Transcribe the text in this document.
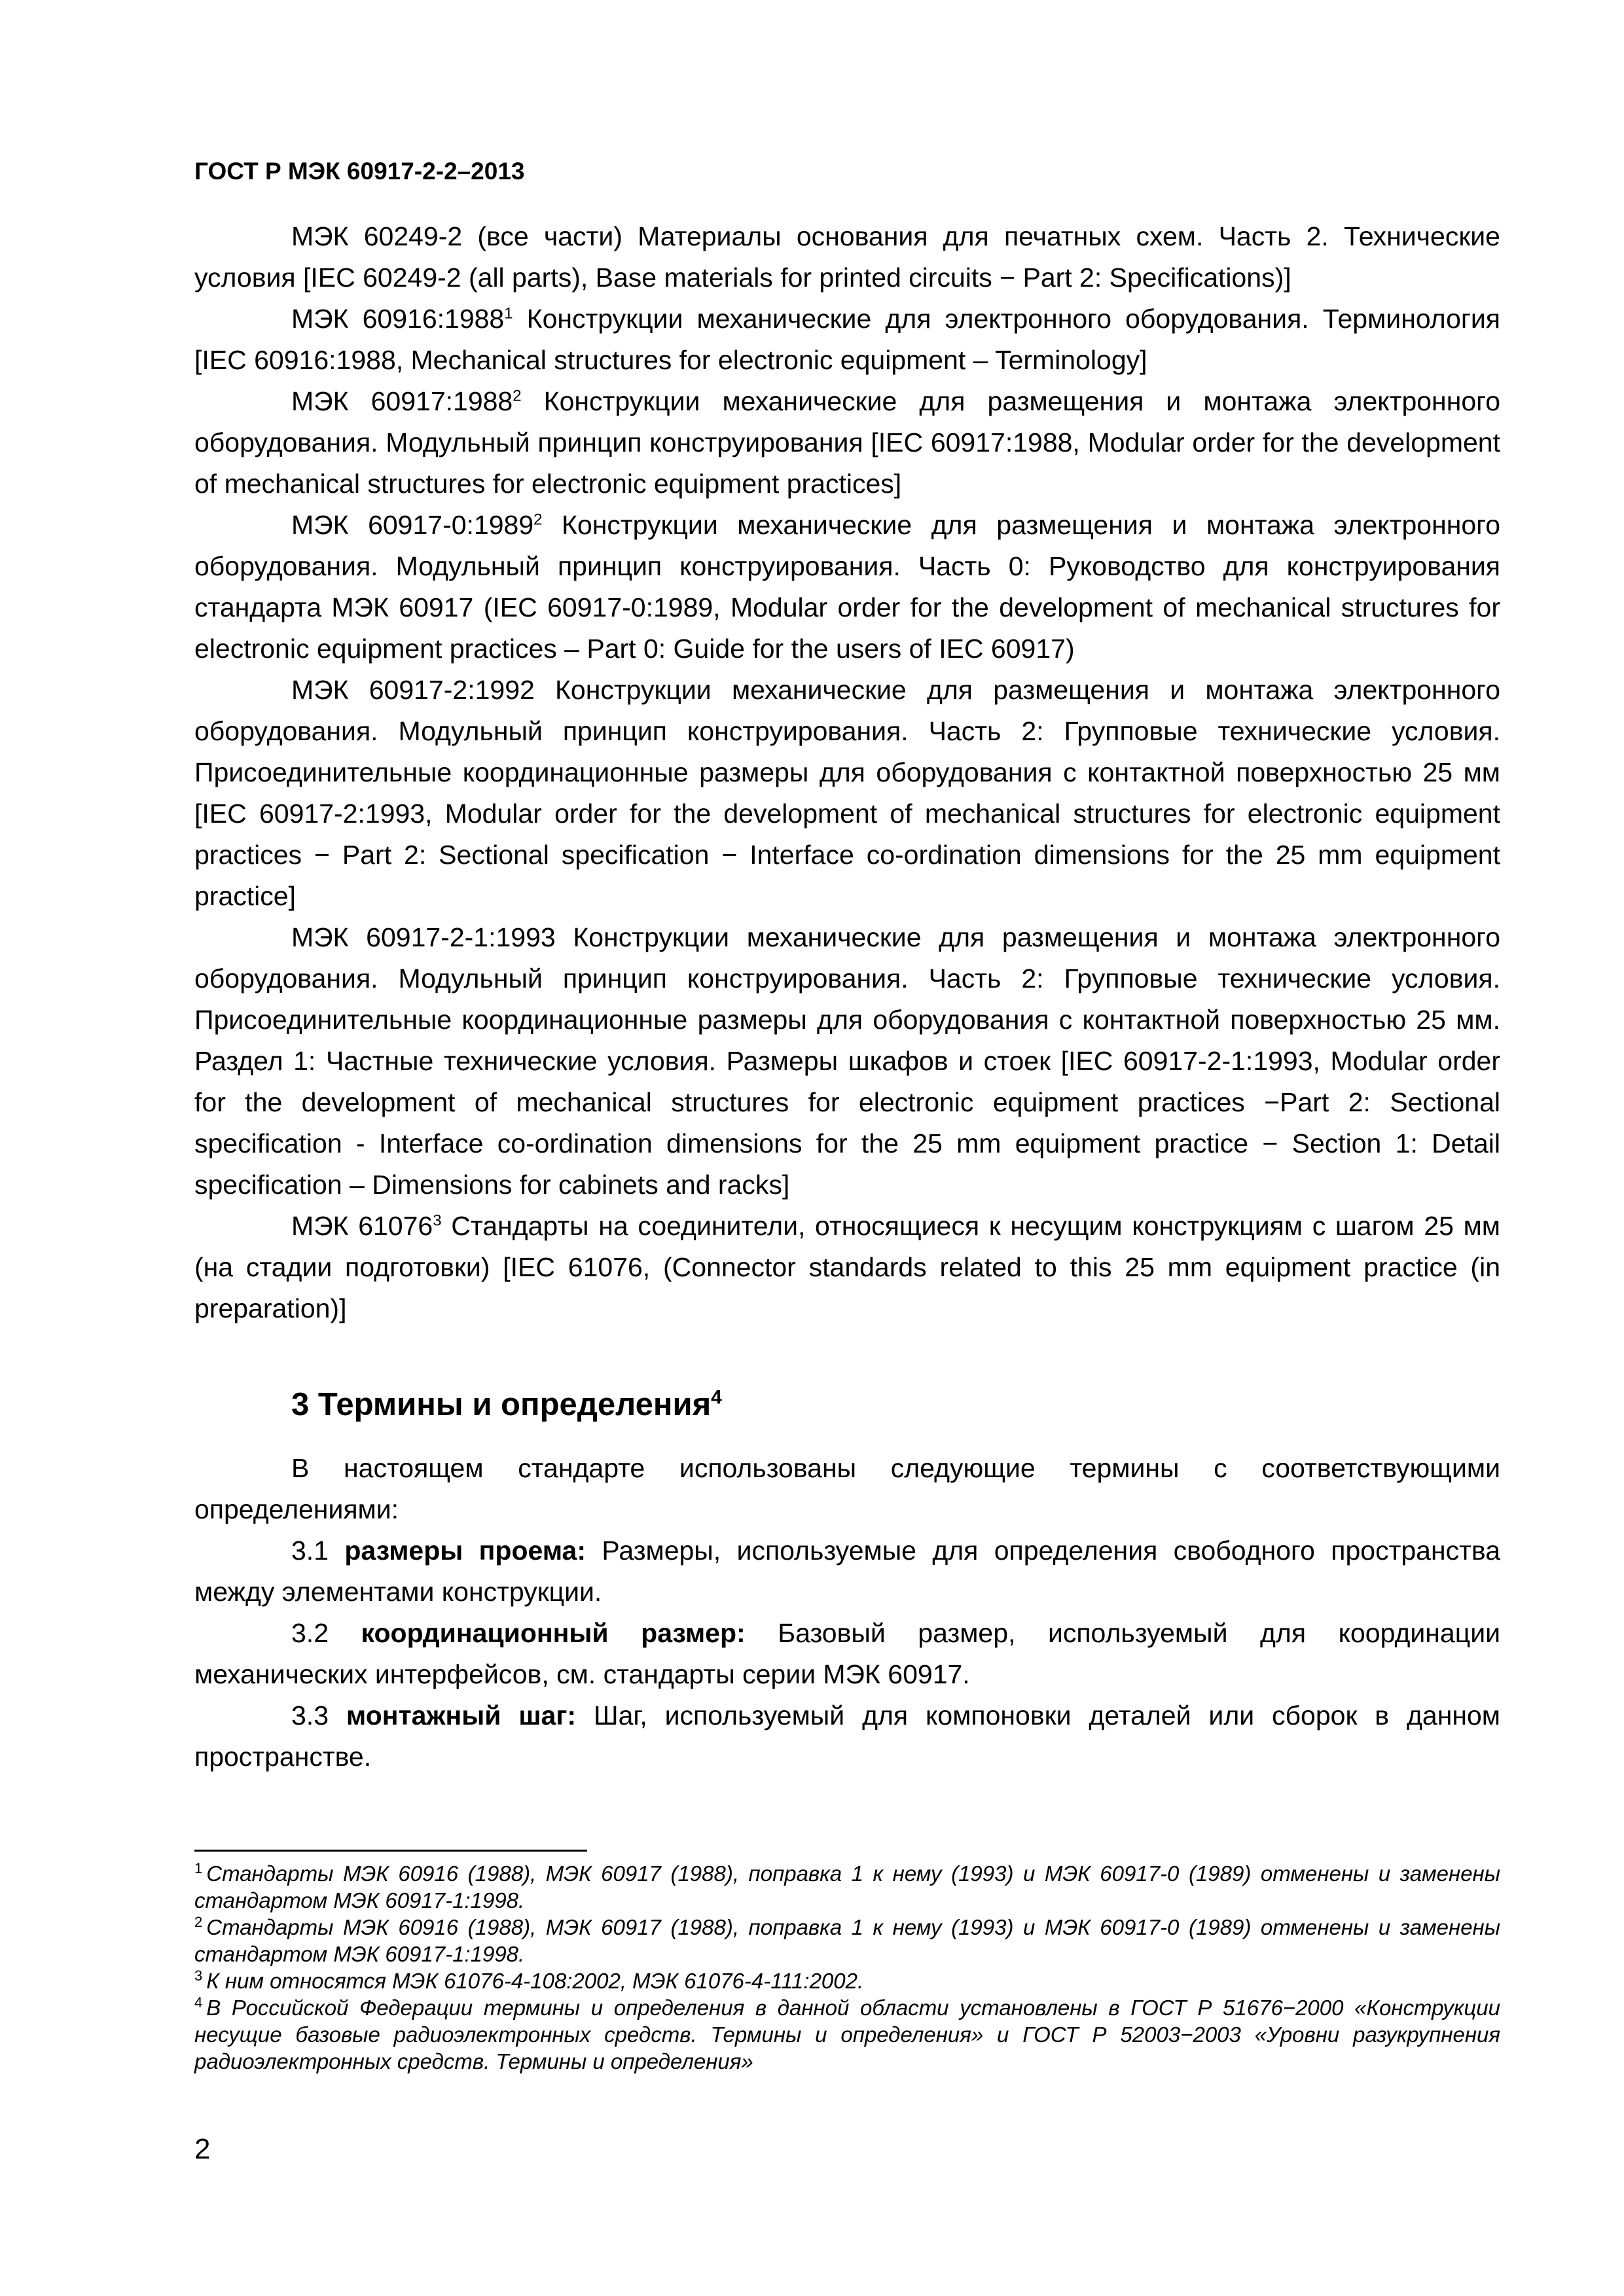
ГОСТ Р МЭК 60917-2-2–2013

МЭК 60249-2 (все части) Материалы основания для печатных схем. Часть 2. Технические условия [IEC 60249-2 (all parts), Base materials for printed circuits − Part 2: Specifications)]

МЭК 60916:1988$^1$ Конструкции механические для электронного оборудования. Терминология [IEC 60916:1988, Mechanical structures for electronic equipment – Terminology]

МЭК 60917:1988$^2$ Конструкции механические для размещения и монтажа электронного оборудования. Модульный принцип конструирования [IEC 60917:1988, Modular order for the development of mechanical structures for electronic equipment practices]

МЭК 60917-0:1989$^2$ Конструкции механические для размещения и монтажа электронного оборудования. Модульный принцип конструирования. Часть 0: Руководство для конструирования стандарта МЭК 60917 (IEC 60917-0:1989, Modular order for the development of mechanical structures for electronic equipment practices – Part 0: Guide for the users of IEC 60917)

МЭК 60917-2:1992 Конструкции механические для размещения и монтажа электронного оборудования. Модульный принцип конструирования. Часть 2: Групповые технические условия. Присоединительные координационные размеры для оборудования с контактной поверхностью 25 мм [IEC 60917-2:1993, Modular order for the development of mechanical structures for electronic equipment practices − Part 2: Sectional specification − Interface co-ordination dimensions for the 25 mm equipment practice]

МЭК 60917-2-1:1993 Конструкции механические для размещения и монтажа электронного оборудования. Модульный принцип конструирования. Часть 2: Групповые технические условия. Присоединительные координационные размеры для оборудования с контактной поверхностью 25 мм. Раздел 1: Частные технические условия. Размеры шкафов и стоек [IEC 60917-2-1:1993, Modular order for the development of mechanical structures for electronic equipment practices −Part 2: Sectional specification - Interface co-ordination dimensions for the 25 mm equipment practice − Section 1: Detail specification – Dimensions for cabinets and racks]

МЭК 61076$^3$ Стандарты на соединители, относящиеся к несущим конструкциям с шагом 25 мм (на стадии подготовки) [IEC 61076, (Connector standards related to this 25 mm equipment practice (in preparation)]

3 Термины и определения$^4$

В настоящем стандарте использованы следующие термины с соответствующими определениями:

3.1 размеры проема: Размеры, используемые для определения свободного пространства между элементами конструкции.

3.2 координационный размер: Базовый размер, используемый для координации механических интерфейсов, см. стандарты серии МЭК 60917.

3.3 монтажный шаг: Шаг, используемый для компоновки деталей или сборок в данном пространстве.

$^1$ Стандарты МЭК 60916 (1988), МЭК 60917 (1988), поправка 1 к нему (1993) и МЭК 60917-0 (1989) отменены и заменены стандартом МЭК 60917-1:1998.

$^2$ Стандарты МЭК 60916 (1988), МЭК 60917 (1988), поправка 1 к нему (1993) и МЭК 60917-0 (1989) отменены и заменены стандартом МЭК 60917-1:1998.

$^3$ К ним относятся МЭК 61076-4-108:2002, МЭК 61076-4-111:2002.

$^4$ В Российской Федерации термины и определения в данной области установлены в ГОСТ Р 51676−2000 «Конструкции несущие базовые радиоэлектронных средств. Термины и определения» и ГОСТ Р 52003−2003 «Уровни разукрупнения радиоэлектронных средств. Термины и определения»

2
